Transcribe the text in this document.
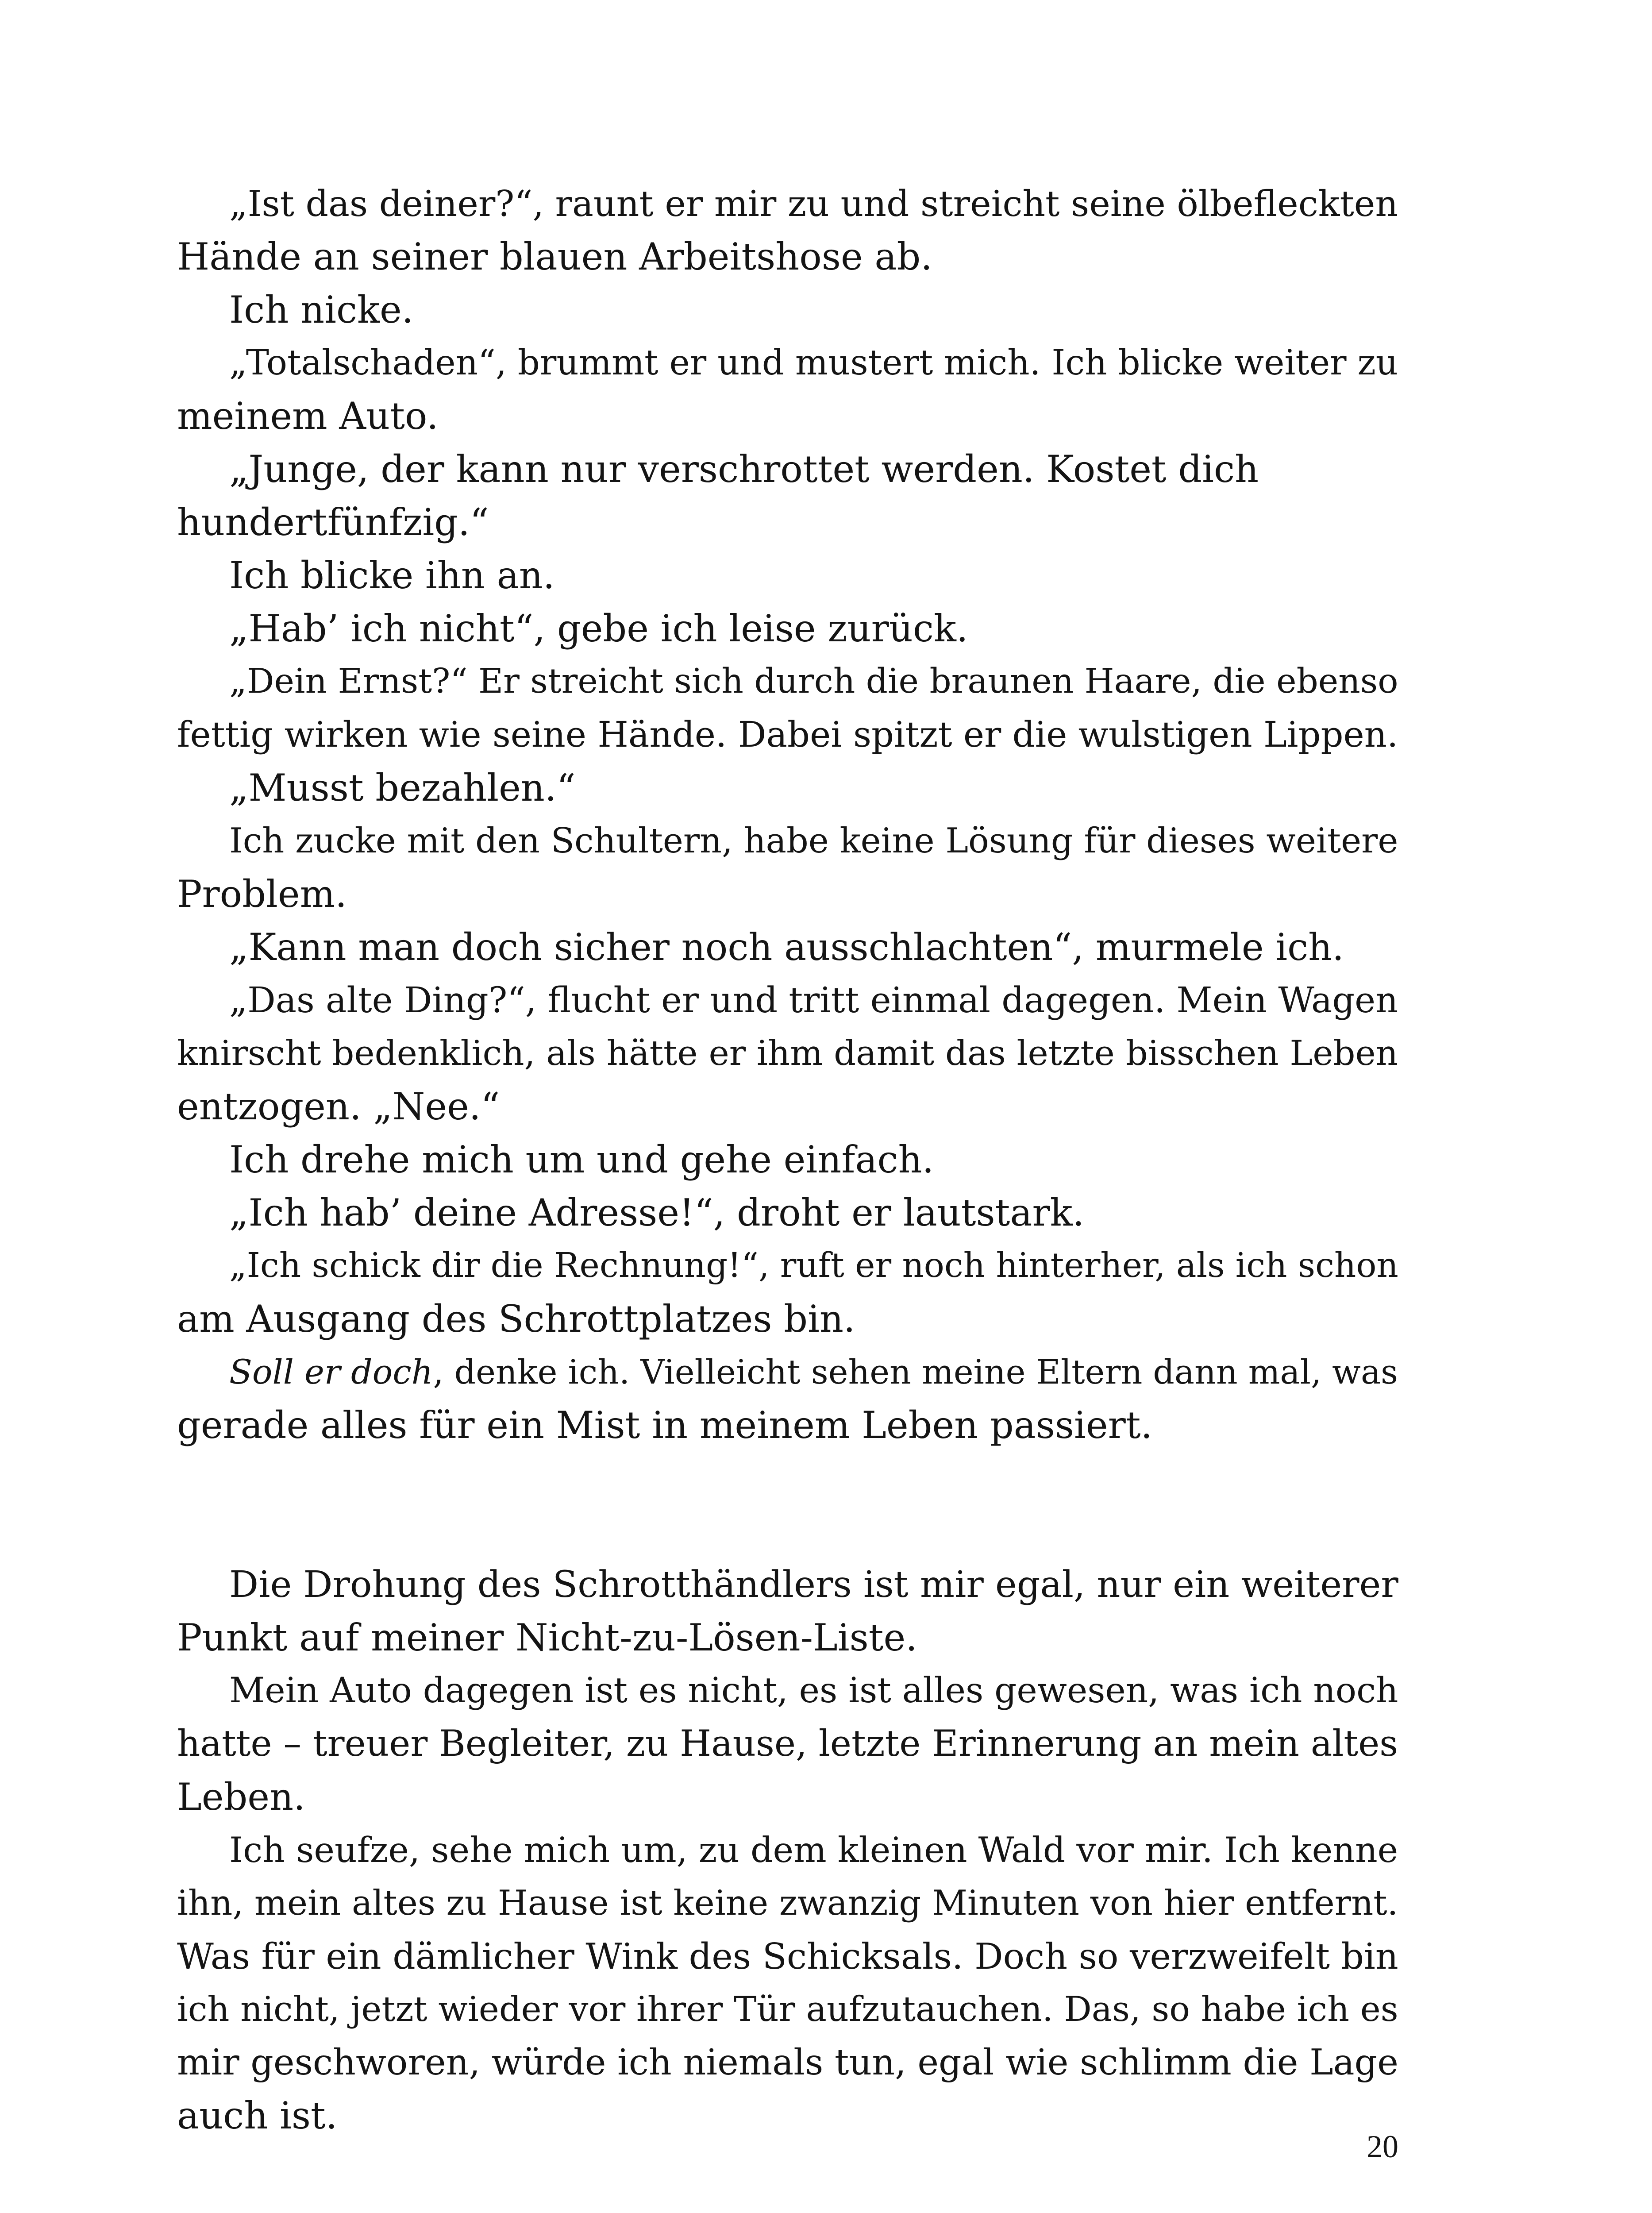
„Ist das deiner?“, raunt er mir zu und streicht seine ölbefleckten
Hände an seiner blauen Arbeitshose ab.
Ich nicke.
„Totalschaden“, brummt er und mustert mich. Ich blicke weiter zu
meinem Auto.
„Junge, der kann nur verschrottet werden. Kostet dich
hundertfünfzig.“
Ich blicke ihn an.
„Hab’ ich nicht“, gebe ich leise zurück.
„Dein Ernst?“ Er streicht sich durch die braunen Haare, die ebenso
fettig wirken wie seine Hände. Dabei spitzt er die wulstigen Lippen.
„Musst bezahlen.“
Ich zucke mit den Schultern, habe keine Lösung für dieses weitere
Problem.
„Kann man doch sicher noch ausschlachten“, murmele ich.
„Das alte Ding?“, flucht er und tritt einmal dagegen. Mein Wagen
knirscht bedenklich, als hätte er ihm damit das letzte bisschen Leben
entzogen. „Nee.“
Ich drehe mich um und gehe einfach.
„Ich hab’ deine Adresse!“, droht er lautstark.
„Ich schick dir die Rechnung!“, ruft er noch hinterher, als ich schon
am Ausgang des Schrottplatzes bin.
Soll er doch, denke ich. Vielleicht sehen meine Eltern dann mal, was
gerade alles für ein Mist in meinem Leben passiert.
Die Drohung des Schrotthändlers ist mir egal, nur ein weiterer
Punkt auf meiner Nicht-zu-Lösen-Liste.
Mein Auto dagegen ist es nicht, es ist alles gewesen, was ich noch
hatte – treuer Begleiter, zu Hause, letzte Erinnerung an mein altes
Leben.
Ich seufze, sehe mich um, zu dem kleinen Wald vor mir. Ich kenne
ihn, mein altes zu Hause ist keine zwanzig Minuten von hier entfernt.
Was für ein dämlicher Wink des Schicksals. Doch so verzweifelt bin
ich nicht, jetzt wieder vor ihrer Tür aufzutauchen. Das, so habe ich es
mir geschworen, würde ich niemals tun, egal wie schlimm die Lage
auch ist.
20
